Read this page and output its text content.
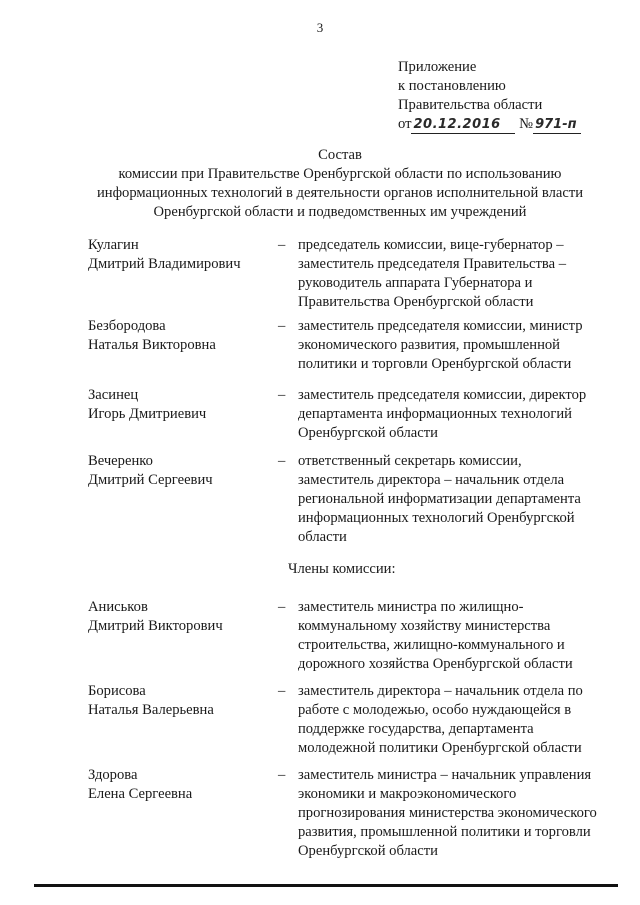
3
Приложение
к постановлению
Правительства области
от 20.12.2016 № 971-п
Состав
комиссии при Правительстве Оренбургской области по использованию
информационных технологий в деятельности органов исполнительной власти
Оренбургской области и подведомственных им учреждений
Кулагин
Дмитрий Владимирович
– председатель комиссии, вице-губернатор – заместитель председателя Правительства – руководитель аппарата Губернатора и Правительства Оренбургской области
Безбородова
Наталья Викторовна
– заместитель председателя комиссии, министр экономического развития, промышленной политики и торговли Оренбургской области
Засинец
Игорь Дмитриевич
– заместитель председателя комиссии, директор департамента информационных технологий Оренбургской области
Вечеренко
Дмитрий Сергеевич
– ответственный секретарь комиссии, заместитель директора – начальник отдела региональной информатизации департамента информационных технологий Оренбургской области
Члены комиссии:
Аниськов
Дмитрий Викторович
– заместитель министра по жилищно-коммунальному хозяйству министерства строительства, жилищно-коммунального и дорожного хозяйства Оренбургской области
Борисова
Наталья Валерьевна
– заместитель директора – начальник отдела по работе с молодежью, особо нуждающейся в поддержке государства, департамента молодежной политики Оренбургской области
Здорова
Елена Сергеевна
– заместитель министра – начальник управления экономики и макроэкономического прогнозирования министерства экономического развития, промышленной политики и торговли Оренбургской области
